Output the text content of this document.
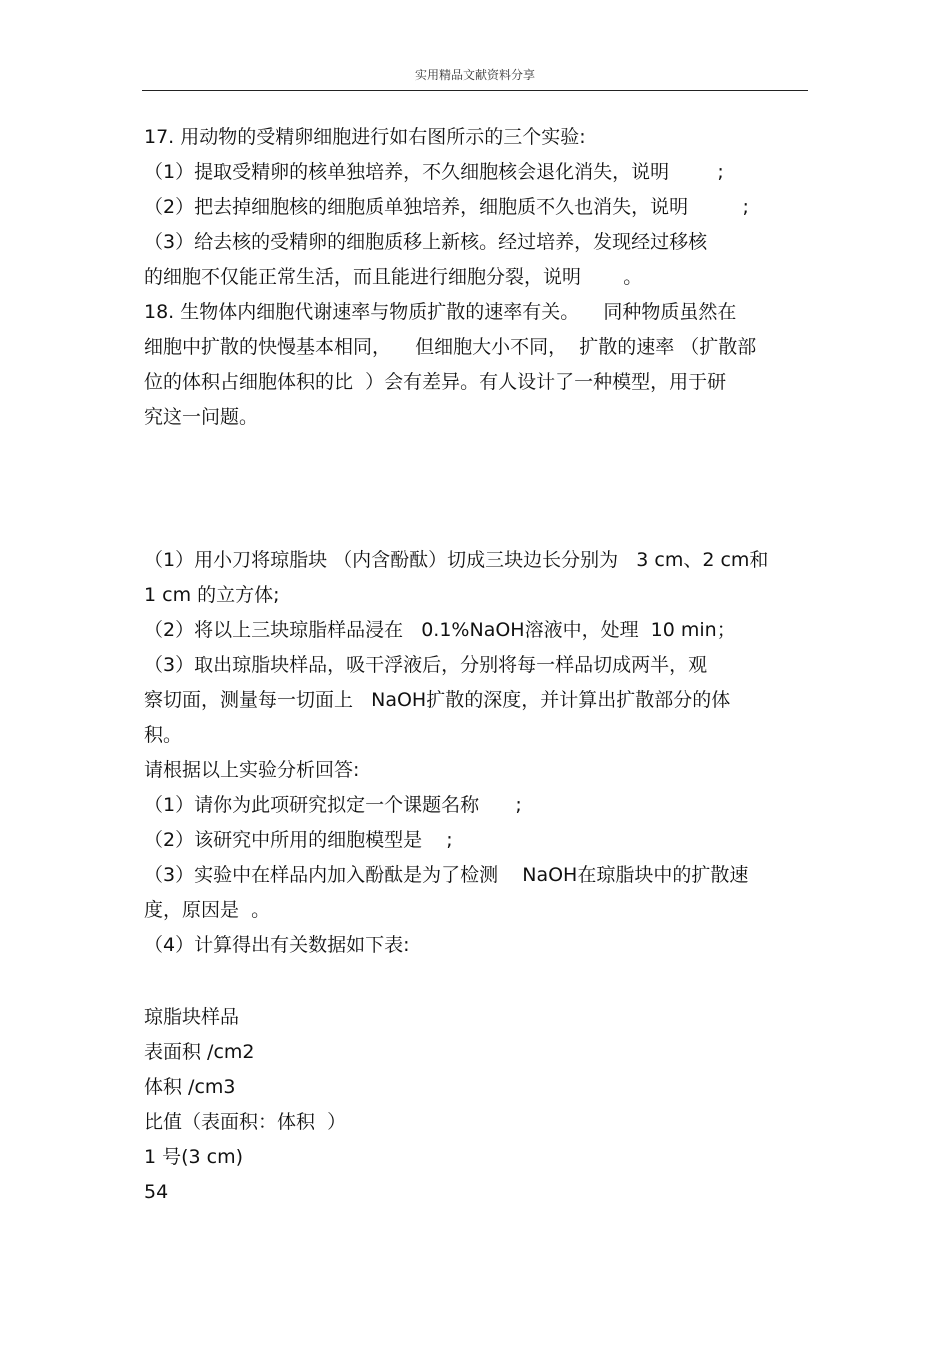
实用精品文献资料分享
17. 用动物的受精卵细胞进行如右图所示的三个实验:
（1）提取受精卵的核单独培养，不久细胞核会退化消失，说明        ;
（2）把去掉细胞核的细胞质单独培养，细胞质不久也消失，说明         ;
（3）给去核的受精卵的细胞质移上新核。经过培养，发现经过移核
的细胞不仅能正常生活，而且能进行细胞分裂，说明       。
18. 生物体内细胞代谢速率与物质扩散的速率有关。    同种物质虽然在
细胞中扩散的快慢基本相同，    但细胞大小不同，  扩散的速率 （扩散部
位的体积占细胞体积的比  ）会有差异。有人设计了一种模型，用于研
究这一问题。
（1）用小刀将琼脂块 （内含酚酞）切成三块边长分别为   3 cm、2 cm和
1 cm 的立方体;
（2）将以上三块琼脂样品浸在   0.1%NaOH溶液中，处理  10 min；
（3）取出琼脂块样品，吸干浮液后，分别将每一样品切成两半，观
察切面，测量每一切面上   NaOH扩散的深度，并计算出扩散部分的体
积。
请根据以上实验分析回答:
（1）请你为此项研究拟定一个课题名称      ;
（2）该研究中所用的细胞模型是    ;
（3）实验中在样品内加入酚酞是为了检测    NaOH在琼脂块中的扩散速
度，原因是  。
（4）计算得出有关数据如下表:
琼脂块样品
表面积 /cm2
体积 /cm3
比值（表面积：体积  ）
1 号(3 cm)
54
